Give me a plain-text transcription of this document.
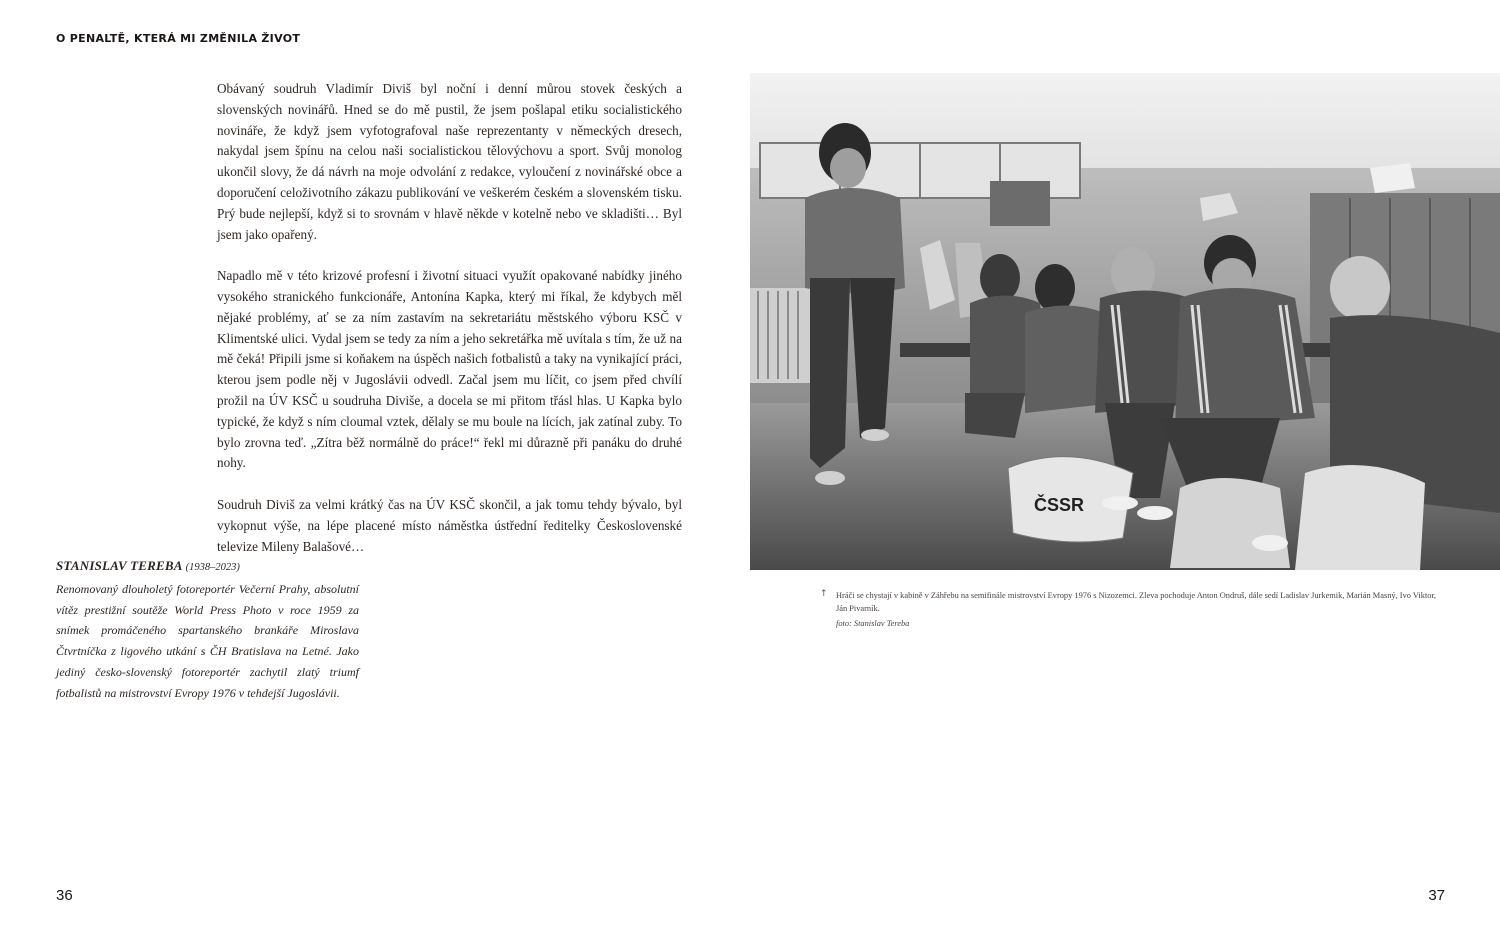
O PENALTĚ, KTERÁ MI ZMĚNILA ŽIVOT

Obávaný soudruh Vladimír Diviš byl noční i denní můrou stovek českých a slovenských novinářů. Hned se do mě pustil, že jsem pošlapal etiku socialistického novináře, že když jsem vyfotografoval naše reprezentanty v německých dresech, nakydal jsem špínu na celou naši socialistickou tělovýchovu a sport. Svůj monolog ukončil slovy, že dá návrh na moje odvolání z redakce, vyloučení z novinářské obce a doporučení celoživotního zákazu publikování ve veškerém českém a slovenském tisku. Prý bude nejlepší, když si to srovnám v hlavě někde v kotelně nebo ve skladišti… Byl jsem jako opařený.

Napadlo mě v této krizové profesní i životní situaci využít opakované nabídky jiného vysokého stranického funkcionáře, Antonína Kapka, který mi říkal, že kdybych měl nějaké problémy, ať se za ním zastavím na sekretariátu městského výboru KSČ v Klimentské ulici. Vydal jsem se tedy za ním a jeho sekretářka mě uvítala s tím, že už na mě čeká! Připili jsme si koňakem na úspěch našich fotbalistů a taky na vynikající práci, kterou jsem podle něj v Jugoslávii odvedl. Začal jsem mu líčit, co jsem před chvílí prožil na ÚV KSČ u soudruha Diviše, a docela se mi přitom třásl hlas. U Kapka bylo typické, že když s ním cloumal vztek, dělaly se mu boule na lících, jak zatínal zuby. To bylo zrovna teď. „Zítra běž normálně do práce!“ řekl mi důrazně při panáku do druhé nohy.

Soudruh Diviš za velmi krátký čas na ÚV KSČ skončil, a jak tomu tehdy bývalo, byl vykopnut výše, na lépe placené místo náměstka ústřední ředitelky Československé televize Mileny Balašové…

STANISLAV TEREBA (1938–2023)
Renomovaný dlouholetý fotoreportér Večerní Prahy, absolutní vítěz prestižní soutěže World Press Photo v roce 1959 za snímek promáčeného spartanského brankáře Miroslava Čtvrtníčka z ligového utkání s ČH Bratislava na Letné. Jako jediný česko-slovenský fotoreportér zachytil zlatý triumf fotbalistů na mistrovství Evropy 1976 v tehdejší Jugoslávii.
ČSSR
↑ Hráči se chystají v kabině v Záhřebu na semifinále mistrovství Evropy 1976 s Nizozemci. Zleva pochoduje Anton Ondruš, dále sedí Ladislav Jurkemik, Marián Masný, Ivo Viktor, Ján Pivarník.
foto: Stanislav Tereba
36	37
